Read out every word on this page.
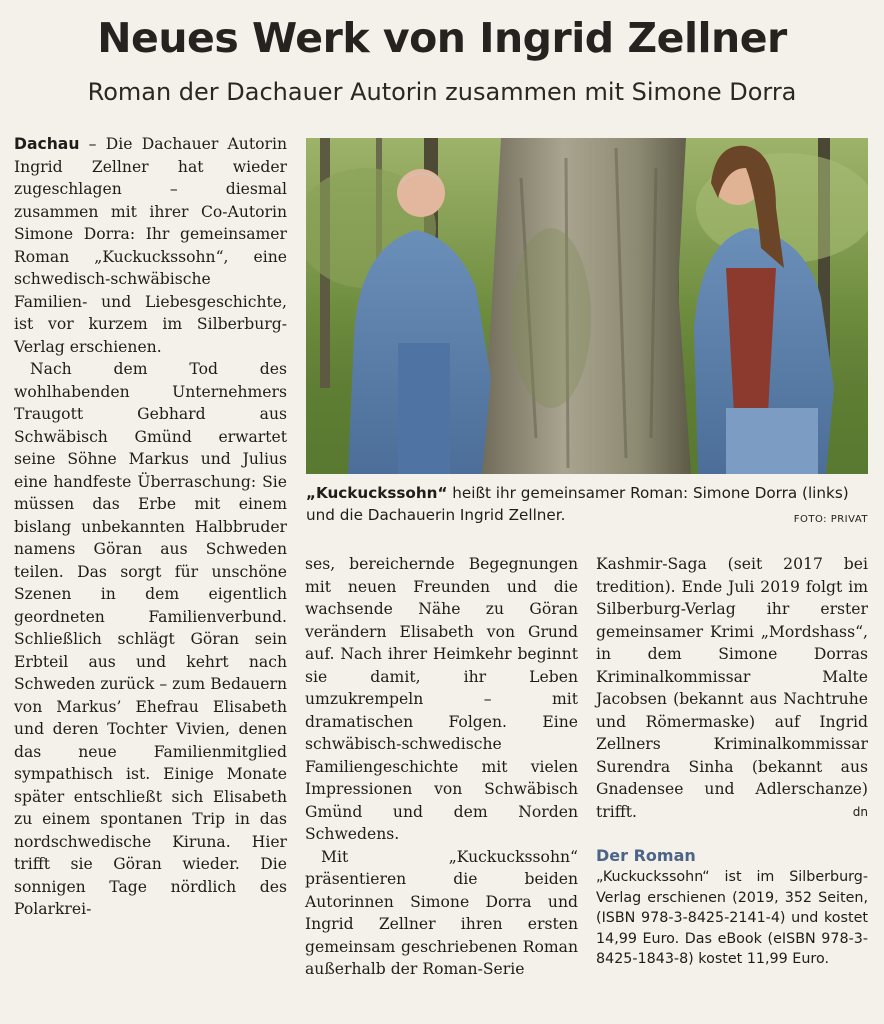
Neues Werk von Ingrid Zellner
Roman der Dachauer Autorin zusammen mit Simone Dorra

Dachau – Die Dachauer Autorin Ingrid Zellner hat wieder zugeschlagen – diesmal zusammen mit ihrer Co-Autorin Simone Dorra: Ihr gemeinsamer Roman „Kuckuckssohn“, eine schwedisch-schwäbische Familien- und Liebesgeschichte, ist vor kurzem im Silberburg-Verlag erschienen.

Nach dem Tod des wohlhabenden Unternehmers Traugott Gebhard aus Schwäbisch Gmünd erwartet seine Söhne Markus und Julius eine handfeste Überraschung: Sie müssen das Erbe mit einem bislang unbekannten Halbbruder namens Göran aus Schweden teilen. Das sorgt für unschöne Szenen in dem eigentlich geordneten Familienverbund. Schließlich schlägt Göran sein Erbteil aus und kehrt nach Schweden zurück – zum Bedauern von Markus’ Ehefrau Elisabeth und deren Tochter Vivien, denen das neue Familienmitglied sympathisch ist. Einige Monate später entschließt sich Elisabeth zu einem spontanen Trip in das nordschwedische Kiruna. Hier trifft sie Göran wieder. Die sonnigen Tage nördlich des Polarkrei-

„Kuckuckssohn“ heißt ihr gemeinsamer Roman: Simone Dorra (links) und die Dachauerin Ingrid Zellner.	FOTO: PRIVAT

ses, bereichernde Begegnungen mit neuen Freunden und die wachsende Nähe zu Göran verändern Elisabeth von Grund auf. Nach ihrer Heimkehr beginnt sie damit, ihr Leben umzukrempeln – mit dramatischen Folgen. Eine schwäbisch-schwedische Familiengeschichte mit vielen Impressionen von Schwäbisch Gmünd und dem Norden Schwedens.

Mit „Kuckuckssohn“ präsentieren die beiden Autorinnen Simone Dorra und Ingrid Zellner ihren ersten gemeinsam geschriebenen Roman außerhalb der Roman-Serie

Kashmir-Saga (seit 2017 bei tredition). Ende Juli 2019 folgt im Silberburg-Verlag ihr erster gemeinsamer Krimi „Mordshass“, in dem Simone Dorras Kriminalkommissar Malte Jacobsen (bekannt aus Nachtruhe und Römermaske) auf Ingrid Zellners Kriminalkommissar Surendra Sinha (bekannt aus Gnadensee und Adlerschanze) trifft.	dn

Der Roman
„Kuckuckssohn“ ist im Silberburg-Verlag erschienen (2019, 352 Seiten, (ISBN 978-3-8425-2141-4) und kostet 14,99 Euro. Das eBook (eISBN 978-3-8425-1843-8) kostet 11,99 Euro.
